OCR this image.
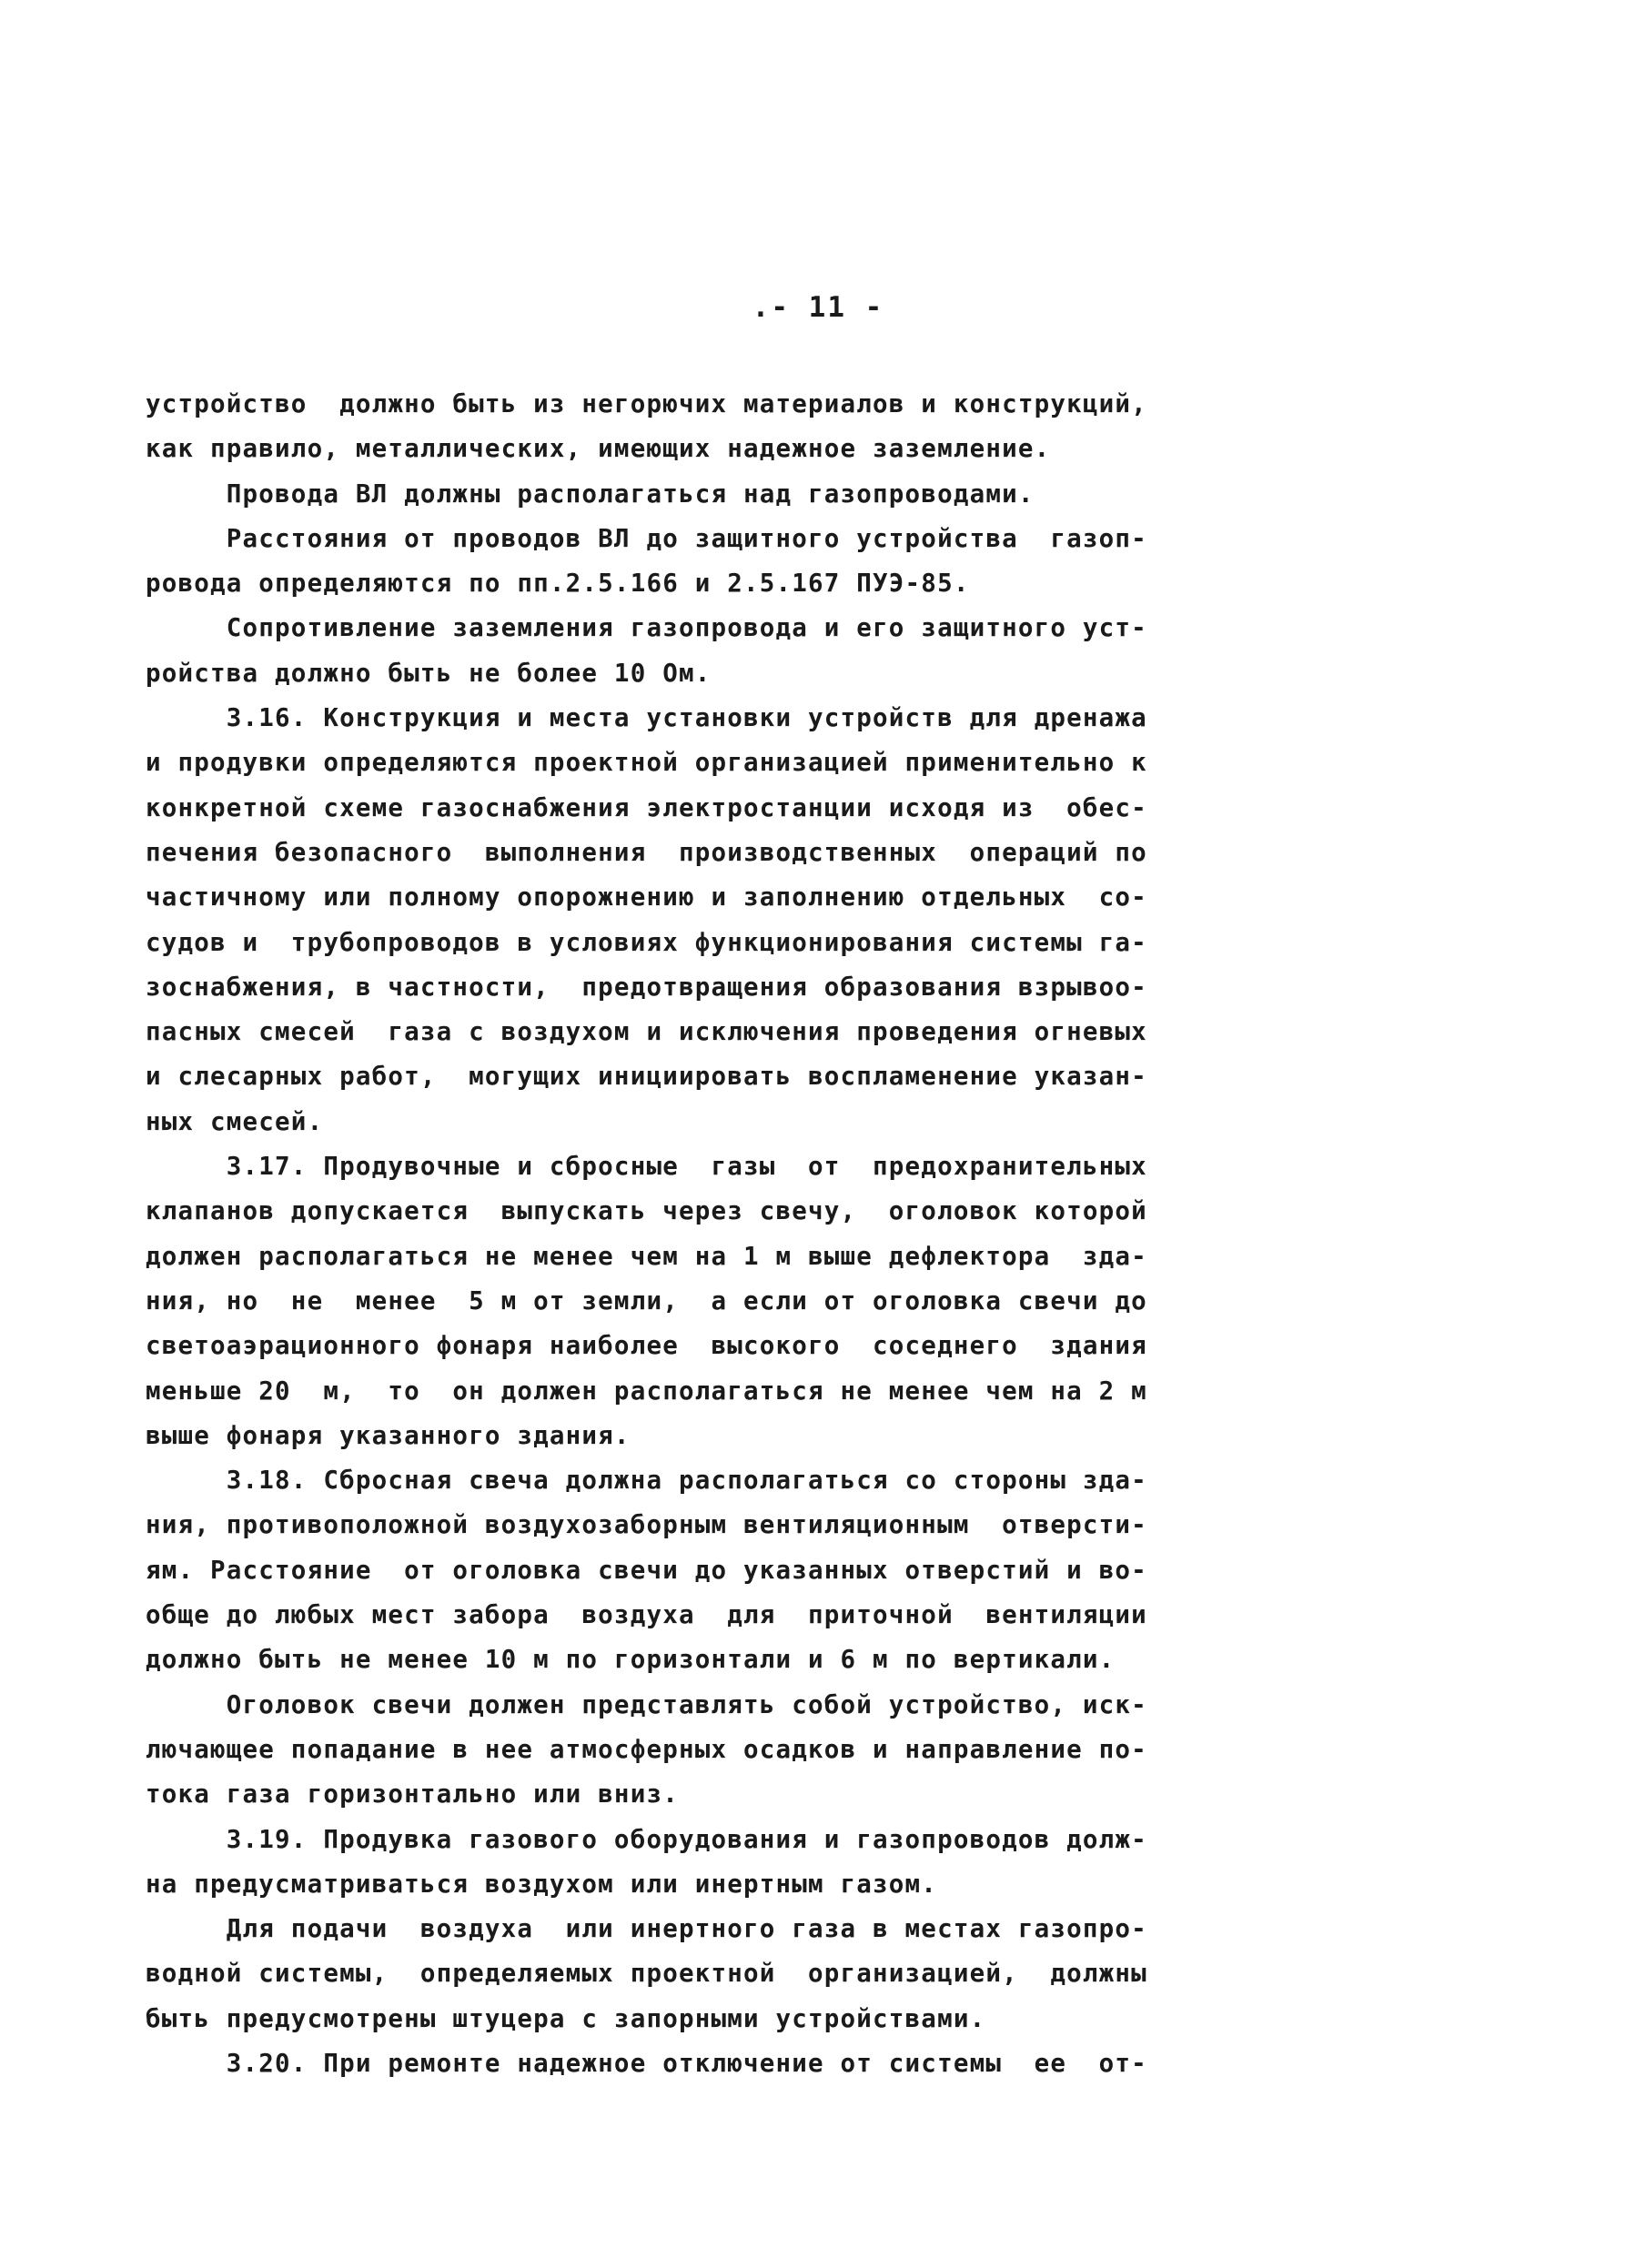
.- 11 -
устройство  должно быть из негорючих материалов и конструкций,
как правило, металлических, имеющих надежное заземление.
Провода ВЛ должны располагаться над газопроводами.
Расстояния от проводов ВЛ до защитного устройства  газоп-
ровода определяются по пп.2.5.166 и 2.5.167 ПУЭ-85.
Сопротивление заземления газопровода и его защитного уст-
ройства должно быть не более 10 Ом.
3.16. Конструкция и места установки устройств для дренажа
и продувки определяются проектной организацией применительно к
конкретной схеме газоснабжения электростанции исходя из  обес-
печения безопасного  выполнения  производственных  операций по
частичному или полному опорожнению и заполнению отдельных  со-
судов и  трубопроводов в условиях функционирования системы га-
зоснабжения, в частности,  предотвращения образования взрывоо-
пасных смесей  газа с воздухом и исключения проведения огневых
и слесарных работ,  могущих инициировать воспламенение указан-
ных смесей.
3.17. Продувочные и сбросные  газы  от  предохранительных
клапанов допускается  выпускать через свечу,  оголовок которой
должен располагаться не менее чем на 1 м выше дефлектора  зда-
ния, но  не  менее  5 м от земли,  а если от оголовка свечи до
светоаэрационного фонаря наиболее  высокого  соседнего  здания
меньше 20  м,  то  он должен располагаться не менее чем на 2 м
выше фонаря указанного здания.
3.18. Сбросная свеча должна располагаться со стороны зда-
ния, противоположной воздухозаборным вентиляционным  отверсти-
ям. Расстояние  от оголовка свечи до указанных отверстий и во-
обще до любых мест забора  воздуха  для  приточной  вентиляции
должно быть не менее 10 м по горизонтали и 6 м по вертикали.
Оголовок свечи должен представлять собой устройство, иск-
лючающее попадание в нее атмосферных осадков и направление по-
тока газа горизонтально или вниз.
3.19. Продувка газового оборудования и газопроводов долж-
на предусматриваться воздухом или инертным газом.
Для подачи  воздуха  или инертного газа в местах газопро-
водной системы,  определяемых проектной  организацией,  должны
быть предусмотрены штуцера с запорными устройствами.
3.20. При ремонте надежное отключение от системы  ее  от-
